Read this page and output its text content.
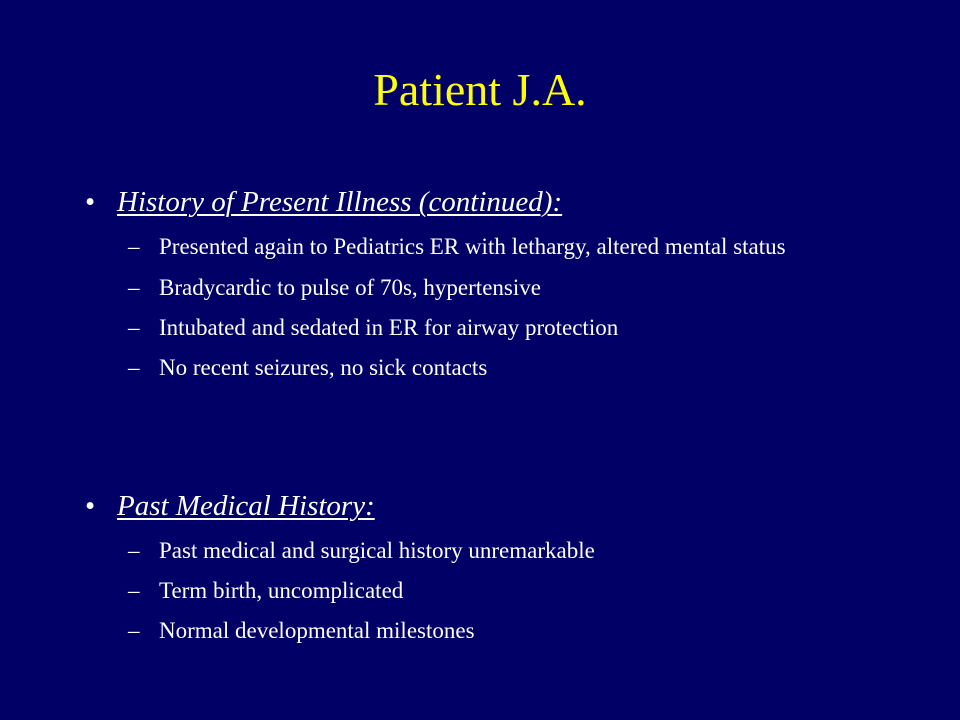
Patient J.A.

• History of Present Illness (continued):

– Presented again to Pediatrics ER with lethargy, altered mental status
– Bradycardic to pulse of 70s, hypertensive
– Intubated and sedated in ER for airway protection
– No recent seizures, no sick contacts

• Past Medical History:

– Past medical and surgical history unremarkable
– Term birth, uncomplicated
– Normal developmental milestones
